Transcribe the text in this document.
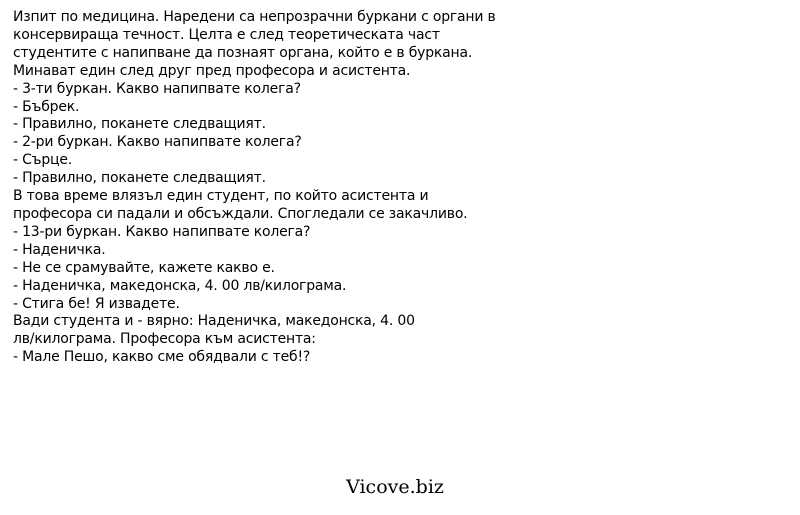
Изпит по медицина. Наредени са непрозрачни буркани с органи в
консервираща течност. Целта е след теоретическата част
студентите с напипване да познаят органа, който е в буркана.
Минават един след друг пред професора и асистента.
- 3-ти буркан. Какво напипвате колега?
- Бъбрек.
- Правилно, поканете следващият.
- 2-ри буркан. Какво напипвате колега?
- Сърце.
- Правилно, поканете следващият.
В това време влязъл един студент, по който асистента и
професора си падали и обсъждали. Спогледали се закачливо.
- 13-ри буркан. Какво напипвате колега?
- Надeничка.
- Не се срамувайте, кажете какво е.
- Надeничка, македонска, 4. 00 лв/килограма.
- Стига бе! Я извадете.
Вади студента и - вярно: Надeничка, македонска, 4. 00
лв/килограма. Професора към асистента:
- Мале Пешо, какво сме обядвали с теб!?
Vicove.biz
